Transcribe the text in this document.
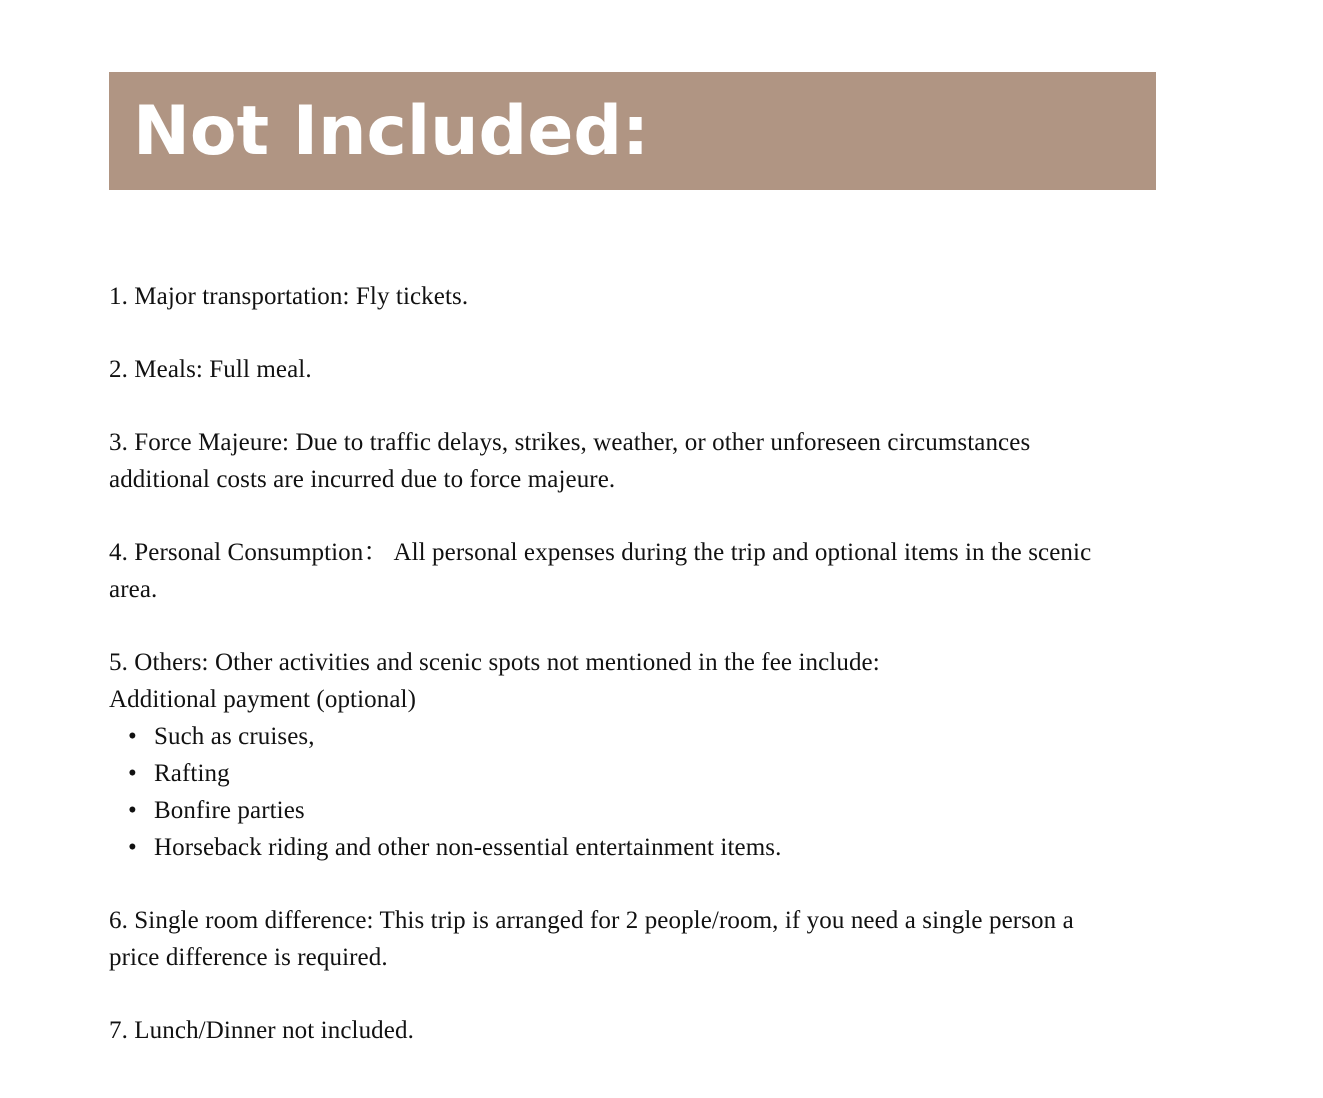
Not Included:

1. Major transportation: Fly tickets.

2. Meals: Full meal.

3. Force Majeure: Due to traffic delays, strikes, weather, or other unforeseen circumstances additional costs are incurred due to force majeure.

4. Personal Consumption： All personal expenses during the trip and optional items in the scenic area.

5. Others: Other activities and scenic spots not mentioned in the fee include:

Additional payment (optional)

• Such as cruises,
• Rafting
• Bonfire parties
• Horseback riding and other non-essential entertainment items.

6. Single room difference: This trip is arranged for 2 people/room, if you need a single person a price difference is required.

7. Lunch/Dinner not included.
